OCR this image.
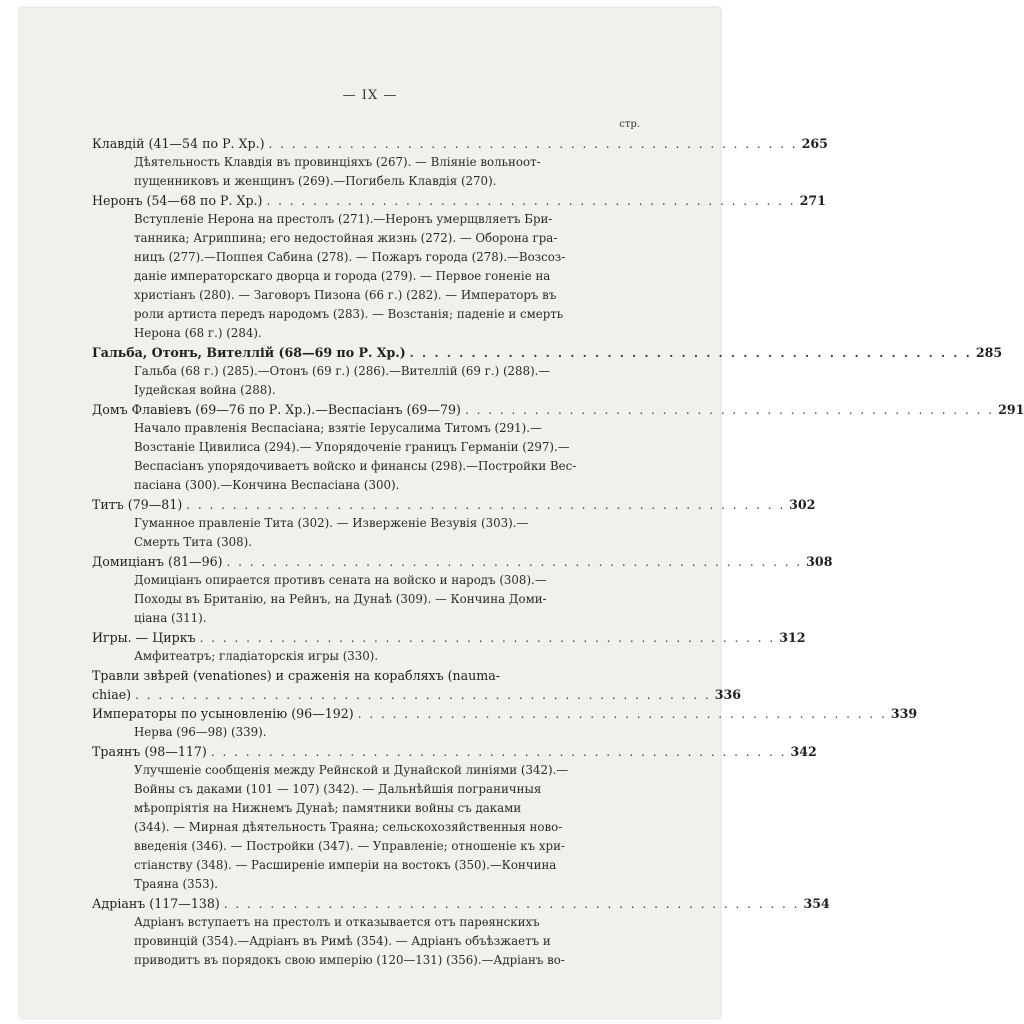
— IX —
стр.
Клавдій (41—54 по Р. Хр.) . . . . . . . . . . . . . . . . . . . . . . . . . . . . . . . . . . . . . . . . . . . . . . 265
Дѣятельность Клавдія въ провинціяхъ (267). — Вліяніе вольноот-
пущенниковъ и женщинъ (269).—Погибель Клавдія (270).
Неронъ (54—68 по Р. Хр.) . . . . . . . . . . . . . . . . . . . . . . . . . . . . . . . . . . . . . . . . . . . . . . 271
Вступленіе Нерона на престолъ (271).—Неронъ умерщвляетъ Бри-
танника; Агриппина; его недостойная жизнь (272). — Оборона гра-
ницъ (277).—Поппея Сабина (278). — Пожаръ города (278).—Возсоз-
даніе императорскаго дворца и города (279). — Первое гоненіе на
христіанъ (280). — Заговоръ Пизона (66 г.) (282). — Императоръ въ
роли артиста передъ народомъ (283). — Возстанія; паденіе и смерть
Нерона (68 г.) (284).
Гальба, Отонъ, Вителлій (68—69 по Р. Хр.) . . . . . . . . . . . . . . . . . . . . . . . . . . . . . . . . . . . . . . . . . . . . . . 285
Гальба (68 г.) (285).—Отонъ (69 г.) (286).—Вителлій (69 г.) (288).—
Іудейская война (288).
Домъ Флавіевъ (69—76 по Р. Хр.).—Веспасіанъ (69—79) . . . . . . . . . . . . . . . . . . . . . . . . . . . . . . . . . . . . . . . . . . . . . . 291
Начало правленія Веспасіана; взятіе Іерусалима Титомъ (291).—
Возстаніе Цивилиса (294).— Упорядоченіе границъ Германіи (297).—
Веспасіанъ упорядочиваетъ войско и финансы (298).—Постройки Вес-
пасіана (300).—Кончина Веспасіана (300).
Титъ (79—81) . . . . . . . . . . . . . . . . . . . . . . . . . . . . . . . . . . . . . . . . . . . . . . . . . . . . 302
Гуманное правленіе Тита (302). — Изверженіе Везувія (303).—
Смерть Тита (308).
Домиціанъ (81—96) . . . . . . . . . . . . . . . . . . . . . . . . . . . . . . . . . . . . . . . . . . . . . . . . . . 308
Домиціанъ опирается противъ сената на войско и народъ (308).—
Походы въ Британію, на Рейнъ, на Дунаѣ (309). — Кончина Доми-
ціана (311).
Игры. — Циркъ . . . . . . . . . . . . . . . . . . . . . . . . . . . . . . . . . . . . . . . . . . . . . . . . . . 312
Амфитеатръ; гладіаторскія игры (330).
Травли звѣрей (venationes) и сраженія на корабляхъ (nauma-
chiae) . . . . . . . . . . . . . . . . . . . . . . . . . . . . . . . . . . . . . . . . . . . . . . . . . . 336
Императоры по усыновленію (96—192) . . . . . . . . . . . . . . . . . . . . . . . . . . . . . . . . . . . . . . . . . . . . . . 339
Нерва (96—98) (339).
Траянъ (98—117) . . . . . . . . . . . . . . . . . . . . . . . . . . . . . . . . . . . . . . . . . . . . . . . . . . 342
Улучшеніе сообщенія между Рейнской и Дунайской линіями (342).—
Войны съ даками (101 — 107) (342). — Дальнѣйшія пограничныя
мѣропріятія на Нижнемъ Дунаѣ; памятники войны съ даками
(344). — Мирная дѣятельность Траяна; сельскохозяйственныя ново-
введенія (346). — Постройки (347). — Управленіе; отношеніе къ хри-
стіанству (348). — Расширеніе имперіи на востокъ (350).—Кончина
Траяна (353).
Адріанъ (117—138) . . . . . . . . . . . . . . . . . . . . . . . . . . . . . . . . . . . . . . . . . . . . . . . . . . 354
Адріанъ вступаетъ на престолъ и отказывается отъ парѳянскихъ
провинцій (354).—Адріанъ въ Римѣ (354). — Адріанъ объѣзжаетъ и
приводитъ въ порядокъ свою имперію (120—131) (356).—Адріанъ во-
